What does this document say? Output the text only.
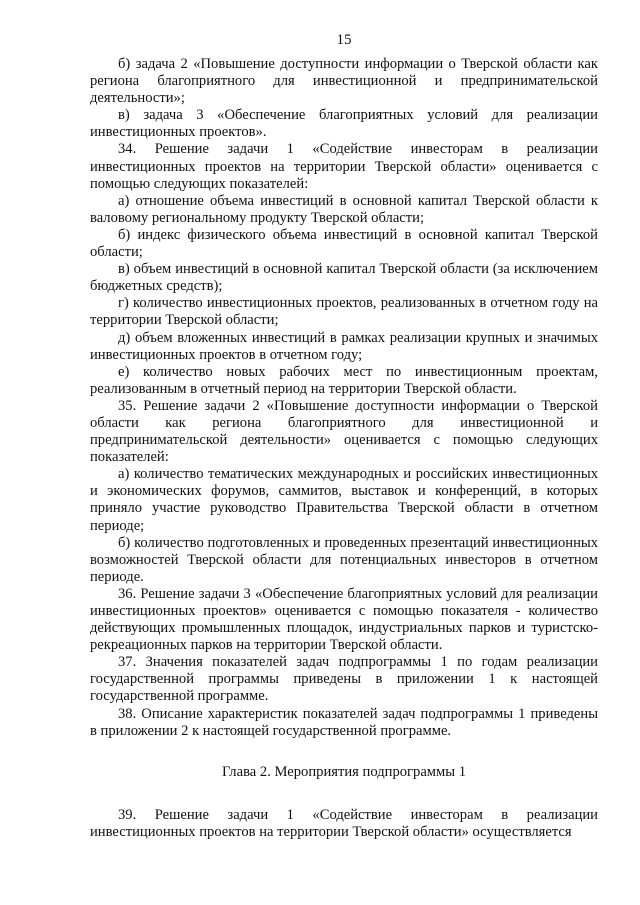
15

б) задача 2 «Повышение доступности информации о Тверской области как региона благоприятного для инвестиционной и предпринимательской деятельности»;

в) задача 3 «Обеспечение благоприятных условий для реализации инвестиционных проектов».

34. Решение задачи 1 «Содействие инвесторам в реализации инвестиционных проектов на территории Тверской области» оценивается с помощью следующих показателей:

а) отношение объема инвестиций в основной капитал Тверской области к валовому региональному продукту Тверской области;

б) индекс физического объема инвестиций в основной капитал Тверской области;

в) объем инвестиций в основной капитал Тверской области (за исключением бюджетных средств);

г) количество инвестиционных проектов, реализованных в отчетном году на территории Тверской области;

д) объем вложенных инвестиций в рамках реализации крупных и значимых инвестиционных проектов в отчетном году;

е) количество новых рабочих мест по инвестиционным проектам, реализованным в отчетный период на территории Тверской области.

35. Решение задачи 2 «Повышение доступности информации о Тверской области как региона благоприятного для инвестиционной и предпринимательской деятельности» оценивается с помощью следующих показателей:

а) количество тематических международных и российских инвестиционных и экономических форумов, саммитов, выставок и конференций, в которых приняло участие руководство Правительства Тверской области в отчетном периоде;

б) количество подготовленных и проведенных презентаций инвестиционных возможностей Тверской области для потенциальных инвесторов в отчетном периоде.

36. Решение задачи 3 «Обеспечение благоприятных условий для реализации инвестиционных проектов» оценивается с помощью показателя - количество действующих промышленных площадок, индустриальных парков и туристско-рекреационных парков на территории Тверской области.

37. Значения показателей задач подпрограммы 1 по годам реализации государственной программы приведены в приложении 1 к настоящей государственной программе.

38. Описание характеристик показателей задач подпрограммы 1 приведены в приложении 2 к настоящей государственной программе.

Глава 2. Мероприятия подпрограммы 1

39. Решение задачи 1 «Содействие инвесторам в реализации инвестиционных проектов на территории Тверской области» осуществляется
